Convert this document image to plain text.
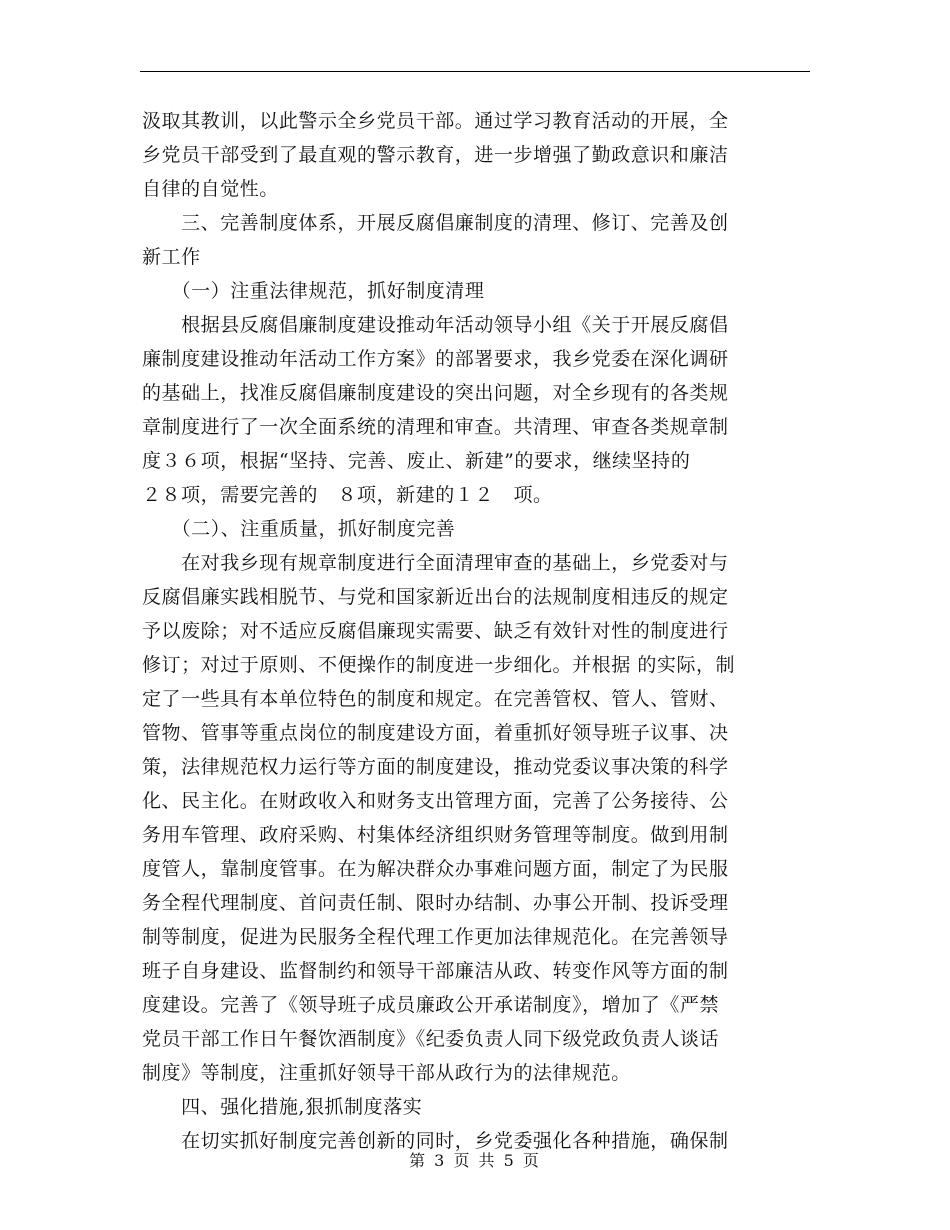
汲取其教训，以此警示全乡党员干部。通过学习教育活动的开展，全
乡党员干部受到了最直观的警示教育，进一步增强了勤政意识和廉洁
自律的自觉性。
　　三、完善制度体系，开展反腐倡廉制度的清理、修订、完善及创
新工作
　　（一）注重法律规范，抓好制度清理
　　根据县反腐倡廉制度建设推动年活动领导小组《关于开展反腐倡
廉制度建设推动年活动工作方案》的部署要求，我乡党委在深化调研
的基础上，找准反腐倡廉制度建设的突出问题，对全乡现有的各类规
章制度进行了一次全面系统的清理和审查。共清理、审查各类规章制
度３６项，根据“坚持、完善、废止、新建”的要求，继续坚持的
２８项，需要完善的　８项，新建的１２　项。
　　（二）、注重质量，抓好制度完善
　　在对我乡现有规章制度进行全面清理审查的基础上，乡党委对与
反腐倡廉实践相脱节、与党和国家新近出台的法规制度相违反的规定
予以废除；对不适应反腐倡廉现实需要、缺乏有效针对性的制度进行
修订；对过于原则、不便操作的制度进一步细化。并根据 的实际，制
定了一些具有本单位特色的制度和规定。在完善管权、管人、管财、
管物、管事等重点岗位的制度建设方面，着重抓好领导班子议事、决
策，法律规范权力运行等方面的制度建设，推动党委议事决策的科学
化、民主化。在财政收入和财务支出管理方面，完善了公务接待、公
务用车管理、政府采购、村集体经济组织财务管理等制度。做到用制
度管人，靠制度管事。在为解决群众办事难问题方面，制定了为民服
务全程代理制度、首问责任制、限时办结制、办事公开制、投诉受理
制等制度，促进为民服务全程代理工作更加法律规范化。在完善领导
班子自身建设、监督制约和领导干部廉洁从政、转变作风等方面的制
度建设。完善了《领导班子成员廉政公开承诺制度》，增加了《严禁
党员干部工作日午餐饮酒制度》《纪委负责人同下级党政负责人谈话
制度》等制度，注重抓好领导干部从政行为的法律规范。
　　四、强化措施,狠抓制度落实
　　在切实抓好制度完善创新的同时，乡党委强化各种措施，确保制
第 3 页 共 5 页
